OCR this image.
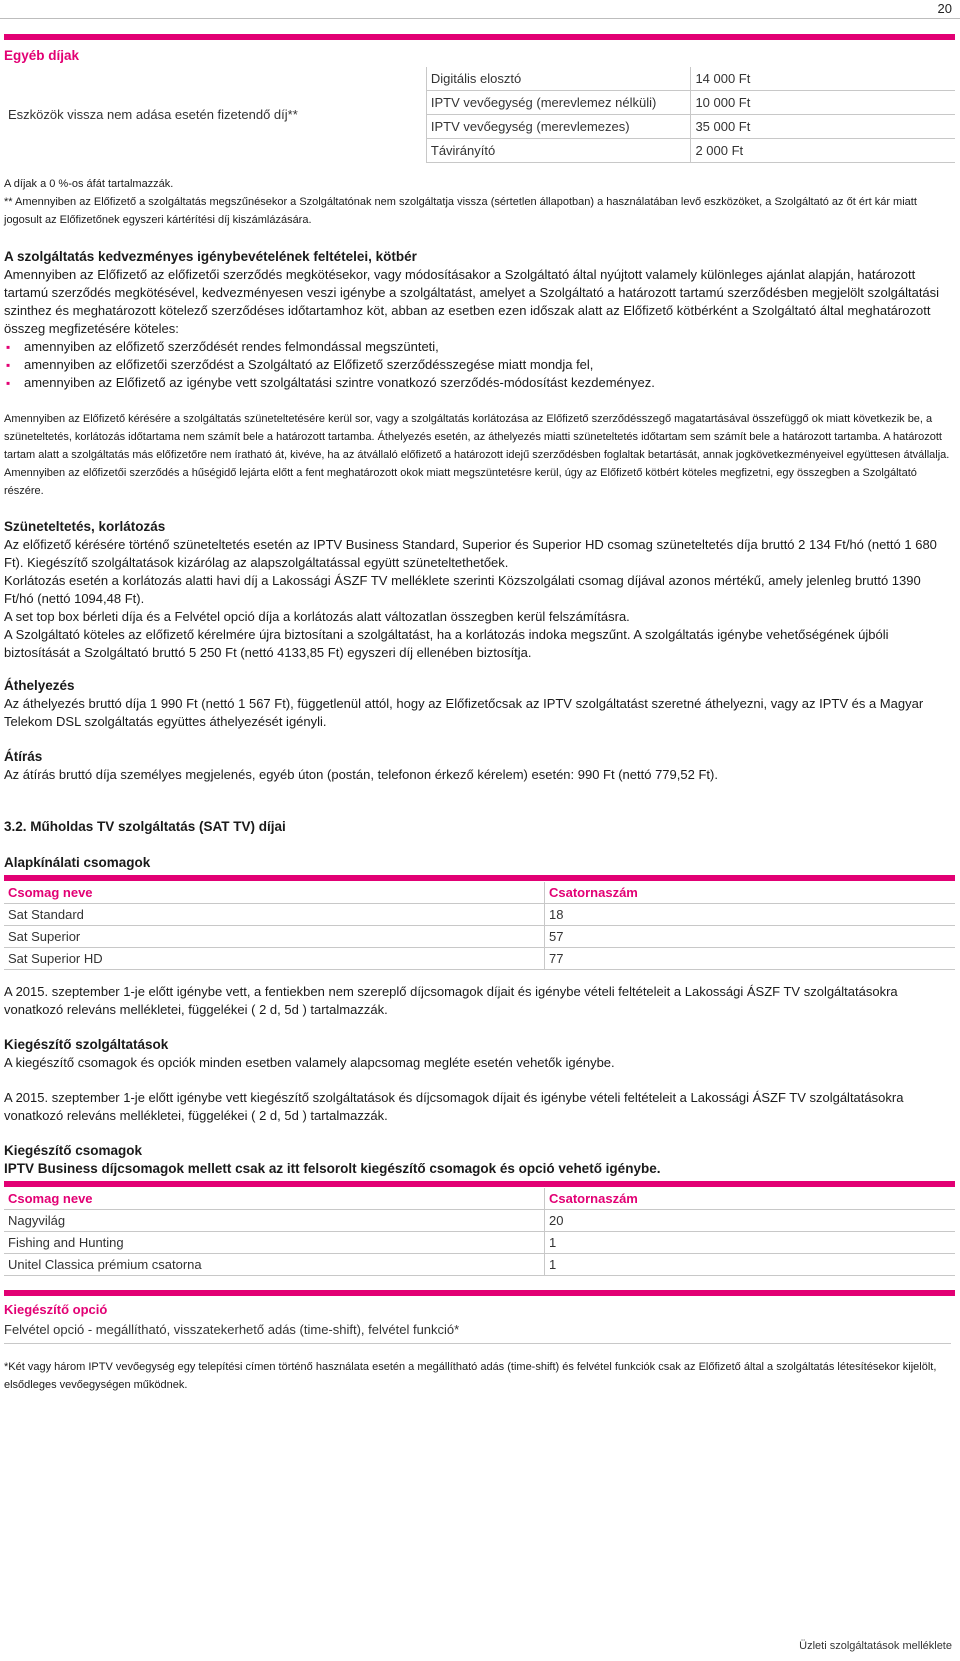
20
Egyéb díjak
Eszközök vissza nem adása esetén fizetendő díj**	Digitális elosztó	14 000 Ft
	IPTV vevőegység (merevlemez nélküli)	10 000 Ft
	IPTV vevőegység (merevlemezes)	35 000 Ft
	Távirányító	2 000 Ft
A díjak a 0 %-os áfát tartalmazzák.
** Amennyiben az Előfizető a szolgáltatás megszűnésekor a Szolgáltatónak nem szolgáltatja vissza (sértetlen állapotban) a használatában levő eszközöket, a Szolgáltató az őt ért kár miatt jogosult az Előfizetőnek egyszeri kártérítési díj kiszámlázására.
A szolgáltatás kedvezményes igénybevételének feltételei, kötbér
Amennyiben az Előfizető az előfizetői szerződés megkötésekor, vagy módosításakor a Szolgáltató által nyújtott valamely különleges ajánlat alapján, határozott tartamú szerződés megkötésével, kedvezményesen veszi igénybe a szolgáltatást, amelyet a Szolgáltató a határozott tartamú szerződésben megjelölt szolgáltatási szinthez és meghatározott kötelező szerződéses időtartamhoz köt, abban az esetben ezen időszak alatt az Előfizető kötbérként a Szolgáltató által meghatározott összeg megfizetésére köteles:
▪ amennyiben az előfizető szerződését rendes felmondással megszünteti,
▪ amennyiben az előfizetői szerződést a Szolgáltató az Előfizető szerződésszegése miatt mondja fel,
▪ amennyiben az Előfizető az igénybe vett szolgáltatási szintre vonatkozó szerződés-módosítást kezdeményez.
Amennyiben az Előfizető kérésére a szolgáltatás szüneteltetésére kerül sor, vagy a szolgáltatás korlátozása az Előfizető szerződésszegő magatartásával összefüggő ok miatt következik be, a szüneteltetés, korlátozás időtartama nem számít bele a határozott tartamba. Áthelyezés esetén, az áthelyezés miatti szüneteltetés időtartam sem számít bele a határozott tartamba. A határozott tartam alatt a szolgáltatás más előfizetőre nem íratható át, kivéve, ha az átvállaló előfizető a határozott idejű szerződésben foglaltak betartását, annak jogkövetkezményeivel együttesen átvállalja. Amennyiben az előfizetői szerződés a hűségidő lejárta előtt a fent meghatározott okok miatt megszüntetésre kerül, úgy az Előfizető kötbért köteles megfizetni, egy összegben a Szolgáltató részére.

Szüneteltetés, korlátozás

Az előfizető kérésére történő szüneteltetés esetén az IPTV Business Standard, Superior és Superior HD csomag szüneteltetés díja bruttó 2 134 Ft/hó (nettó 1 680 Ft). Kiegészítő szolgáltatások kizárólag az alapszolgáltatással együtt szüneteltethetőek.

Korlátozás esetén a korlátozás alatti havi díj a Lakossági ÁSZF TV melléklete szerinti Közszolgálati csomag díjával azonos mértékű, amely jelenleg bruttó 1390 Ft/hó (nettó 1094,48 Ft).

A set top box bérleti díja és a Felvétel opció díja a korlátozás alatt változatlan összegben kerül felszámításra.

A Szolgáltató köteles az előfizető kérelmére újra biztosítani a szolgáltatást, ha a korlátozás indoka megszűnt. A szolgáltatás igénybe vehetőségének újbóli biztosítását a Szolgáltató bruttó 5 250 Ft (nettó 4133,85 Ft) egyszeri díj ellenében biztosítja.

Áthelyezés

Az áthelyezés bruttó díja 1 990 Ft (nettó 1 567 Ft), függetlenül attól, hogy az Előfizetőcsak az IPTV szolgáltatást szeretné áthelyezni, vagy az IPTV és a Magyar Telekom DSL szolgáltatás együttes áthelyezését igényli.

Átírás

Az átírás bruttó díja személyes megjelenés, egyéb úton (postán, telefonon érkező kérelem) esetén: 990 Ft (nettó 779,52 Ft).

3.2. Műholdas TV szolgáltatás (SAT TV) díjai
Alapkínálati csomagok
Csomag neve	Csatornaszám
Sat Standard	18
Sat Superior	57
Sat Superior HD	77
A 2015. szeptember 1-je előtt igénybe vett, a fentiekben nem szereplő díjcsomagok díjait és igénybe vételi feltételeit a Lakossági ÁSZF TV szolgáltatásokra vonatkozó releváns mellékletei, függelékei ( 2 d, 5d ) tartalmazzák.

Kiegészítő szolgáltatások

A kiegészítő csomagok és opciók minden esetben valamely alapcsomag megléte esetén vehetők igénybe.

A 2015. szeptember 1-je előtt igénybe vett kiegészítő szolgáltatások és díjcsomagok díjait és igénybe vételi feltételeit a Lakossági ÁSZF TV szolgáltatásokra vonatkozó releváns mellékletei, függelékei ( 2 d, 5d ) tartalmazzák.

Kiegészítő csomagok

IPTV Business díjcsomagok mellett csak az itt felsorolt kiegészítő csomagok és opció vehető igénybe.

Csomag neve	Csatornaszám
Nagyvilág	20
Fishing and Hunting	1
Unitel Classica prémium csatorna	1
Kiegészítő opció
Felvétel opció - megállítható, visszatekerhető adás (time-shift), felvétel funkció*
*Két vagy három IPTV vevőegység egy telepítési címen történő használata esetén a megállítható adás (time-shift) és felvétel funkciók csak az Előfizető által a szolgáltatás létesítésekor kijelölt, elsődleges vevőegységen működnek.
Üzleti szolgáltatások melléklete
